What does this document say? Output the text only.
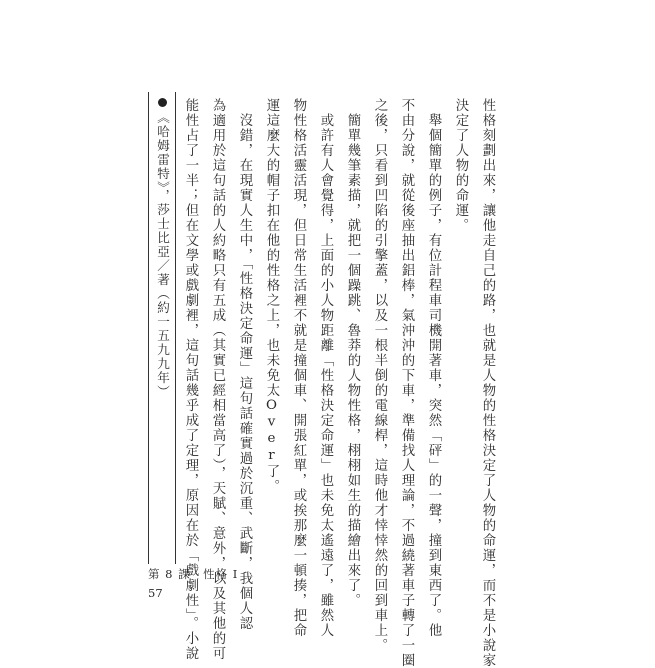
性格刻劃出來，讓他走自己的路，也就是人物的性格決定了人物的命運，而不是小說家
決定了人物的命運。
　舉個簡單的例子，有位計程車司機開著車，突然「砰」的一聲，撞到東西了。他
不由分說，就從後座抽出鋁棒，氣沖沖的下車，準備找人理論，不過繞著車子轉了一圈
之後，只看到凹陷的引擎蓋，以及一根半倒的電線桿，這時他才悻悻然的回到車上。
　簡單幾筆素描，就把一個躁跳、魯莽的人物性格，栩栩如生的描繪出來了。
　或許有人會覺得，上面的小人物距離「性格決定命運」也未免太遙遠了，雖然人
物性格活靈活現，但日常生活裡不就是撞個車、開張紅單，或挨那麼一頓揍，把命
運這麼大的帽子扣在他的性格之上，也未免太Over了。
　沒錯，在現實人生中，「性格決定命運」這句話確實過於沉重、武斷，我個人認
為適用於這句話的人約略只有五成（其實已經相當高了），天賦、意外，以及其他的可
能性占了一半；但在文學或戲劇裡，這句話幾乎成了定理，原因在於「戲劇性」。小說
《哈姆雷特》，莎士比亞／著（約一五九九年）
第 8 課　性格 I
57
